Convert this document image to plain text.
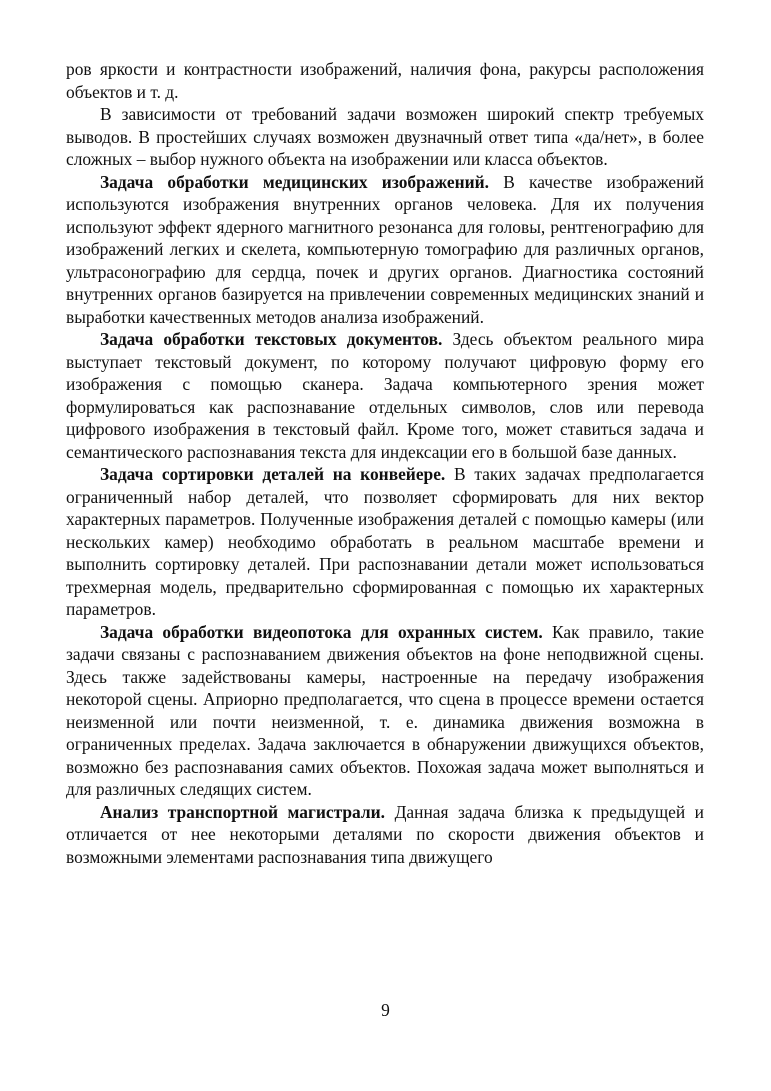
ров яркости и контрастности изображений, наличия фона, ракурсы расположения объектов и т. д.

В зависимости от требований задачи возможен широкий спектр требуемых выводов. В простейших случаях возможен двузначный ответ типа «да/нет», в более сложных – выбор нужного объекта на изображении или класса объектов.

Задача обработки медицинских изображений. В качестве изображений используются изображения внутренних органов человека. Для их получения используют эффект ядерного магнитного резонанса для головы, рентгенографию для изображений легких и скелета, компьютерную томографию для различных органов, ультрасонографию для сердца, почек и других органов. Диагностика состояний внутренних органов базируется на привлечении современных медицинских знаний и выработки качественных методов анализа изображений.

Задача обработки текстовых документов. Здесь объектом реального мира выступает текстовый документ, по которому получают цифровую форму его изображения с помощью сканера. Задача компьютерного зрения может формулироваться как распознавание отдельных символов, слов или перевода цифрового изображения в текстовый файл. Кроме того, может ставиться задача и семантического распознавания текста для индексации его в большой базе данных.

Задача сортировки деталей на конвейере. В таких задачах предполагается ограниченный набор деталей, что позволяет сформировать для них вектор характерных параметров. Полученные изображения деталей с помощью камеры (или нескольких камер) необходимо обработать в реальном масштабе времени и выполнить сортировку деталей. При распознавании детали может использоваться трехмерная модель, предварительно сформированная с помощью их характерных параметров.

Задача обработки видеопотока для охранных систем. Как правило, такие задачи связаны с распознаванием движения объектов на фоне неподвижной сцены. Здесь также задействованы камеры, настроенные на передачу изображения некоторой сцены. Априорно предполагается, что сцена в процессе времени остается неизменной или почти неизменной, т. е. динамика движения возможна в ограниченных пределах. Задача заключается в обнаружении движущихся объектов, возможно без распознавания самих объектов. Похожая задача может выполняться и для различных следящих систем.

Анализ транспортной магистрали. Данная задача близка к предыдущей и отличается от нее некоторыми деталями по скорости движения объектов и возможными элементами распознавания типа движущего

9
